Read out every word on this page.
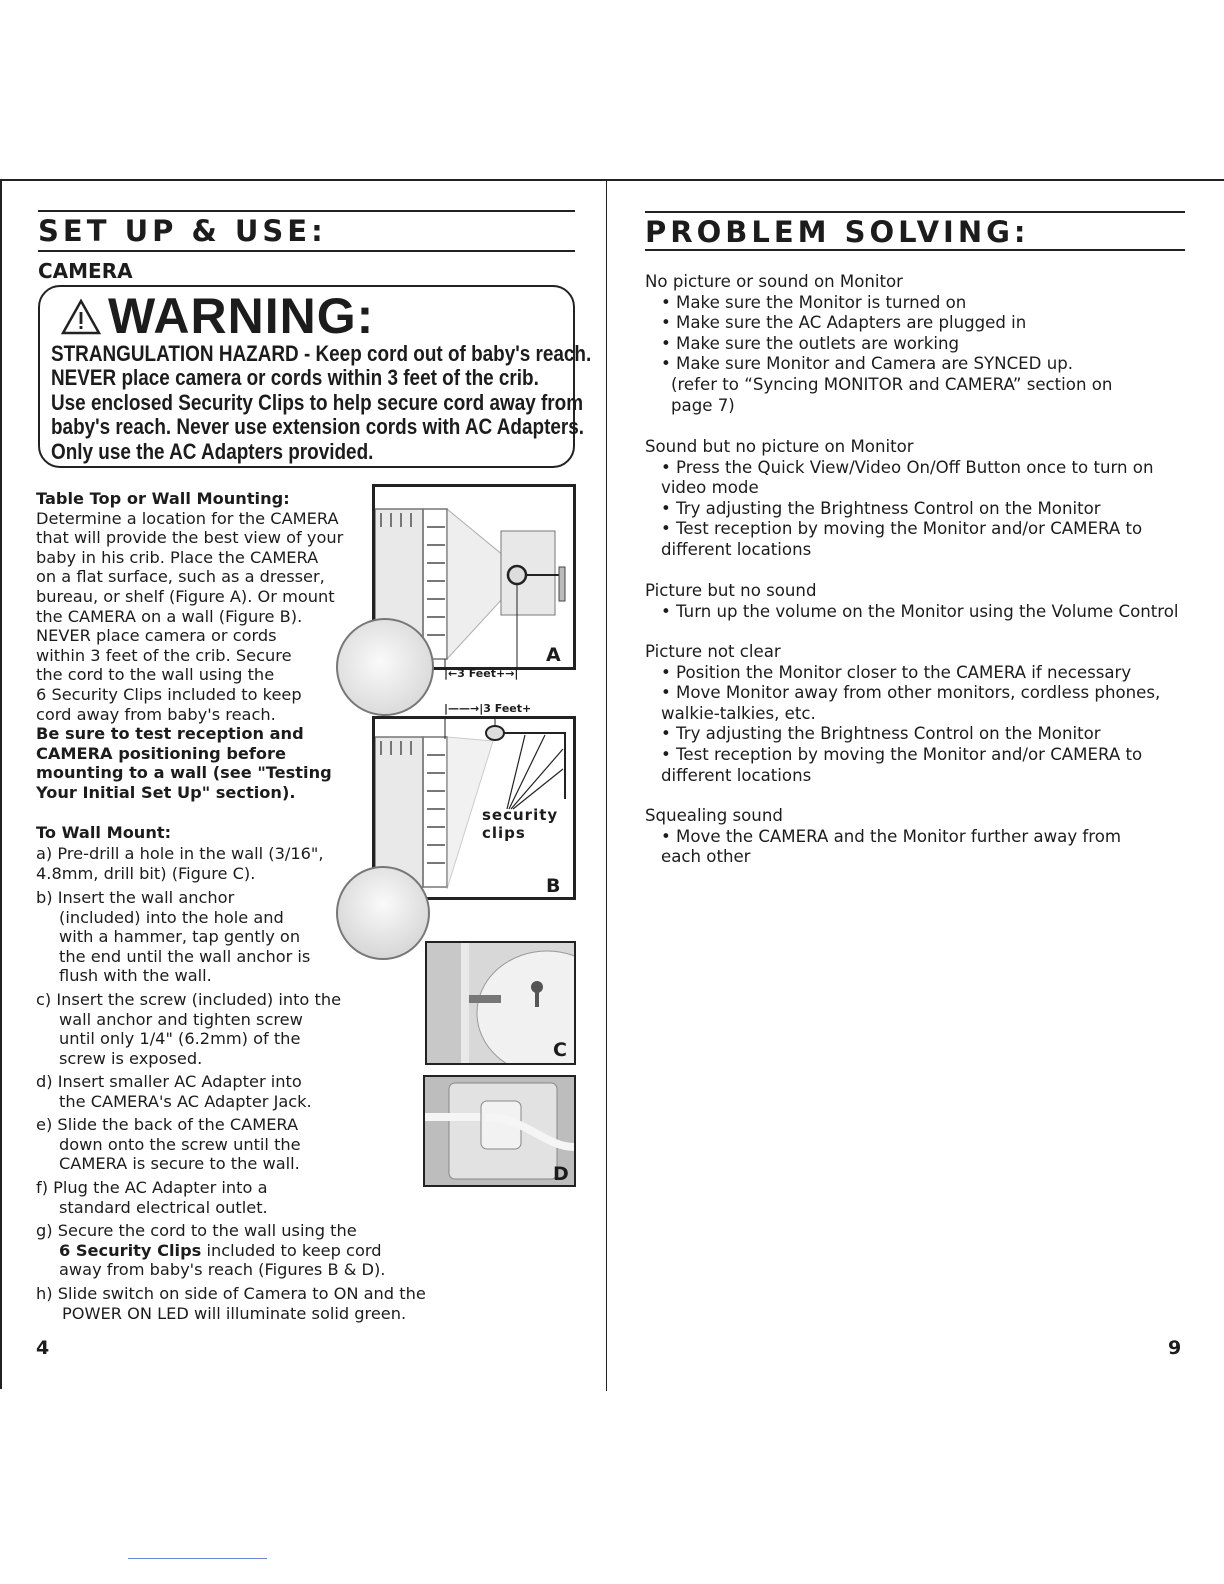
SET UP & USE:
CAMERA
WARNING:
STRANGULATION HAZARD - Keep cord out of baby's reach.
NEVER place camera or cords within 3 feet of the crib.
Use enclosed Security Clips to help secure cord away from
baby's reach. Never use extension cords with AC Adapters.
Only use the AC Adapters provided.
Table Top or Wall Mounting:
Determine a location for the CAMERA
that will provide the best view of your
baby in his crib. Place the CAMERA
on a flat surface, such as a dresser,
bureau, or shelf (Figure A). Or mount
the CAMERA on a wall (Figure B).
NEVER place camera or cords
within 3 feet of the crib. Secure
the cord to the wall using the
6 Security Clips included to keep
cord away from baby's reach.
Be sure to test reception and
CAMERA positioning before
mounting to a wall (see "Testing
Your Initial Set Up" section).
To Wall Mount:
a) Pre-drill a hole in the wall (3/16",
4.8mm, drill bit) (Figure C).
b) Insert the wall anchor
(included) into the hole and
with a hammer, tap gently on
the end until the wall anchor is
flush with the wall.
c) Insert the screw (included) into the
wall anchor and tighten screw
until only 1/4" (6.2mm) of the
screw is exposed.
d) Insert smaller AC Adapter into
the CAMERA's AC Adapter Jack.
e) Slide the back of the CAMERA
down onto the screw until the
CAMERA is secure to the wall.
f) Plug the AC Adapter into a
standard electrical outlet.
g) Secure the cord to the wall using the
6 Security Clips included to keep cord
away from baby's reach (Figures B & D).
h) Slide switch on side of Camera to ON and the
POWER ON LED will illuminate solid green.
A
|←3 Feet+→|
|——→|3 Feet+
security
clips
B
C
D
4
PROBLEM SOLVING:
No picture or sound on Monitor
• Make sure the Monitor is turned on
• Make sure the AC Adapters are plugged in
• Make sure the outlets are working
• Make sure Monitor and Camera are SYNCED up.
(refer to “Syncing MONITOR and CAMERA” section on
page 7)
Sound but no picture on Monitor
• Press the Quick View/Video On/Off Button once to turn on
video mode
• Try adjusting the Brightness Control on the Monitor
• Test reception by moving the Monitor and/or CAMERA to
different locations
Picture but no sound
• Turn up the volume on the Monitor using the Volume Control
Picture not clear
• Position the Monitor closer to the CAMERA if necessary
• Move Monitor away from other monitors, cordless phones,
walkie-talkies, etc.
• Try adjusting the Brightness Control on the Monitor
• Test reception by moving the Monitor and/or CAMERA to
different locations
Squealing sound
• Move the CAMERA and the Monitor further away from
each other
9
